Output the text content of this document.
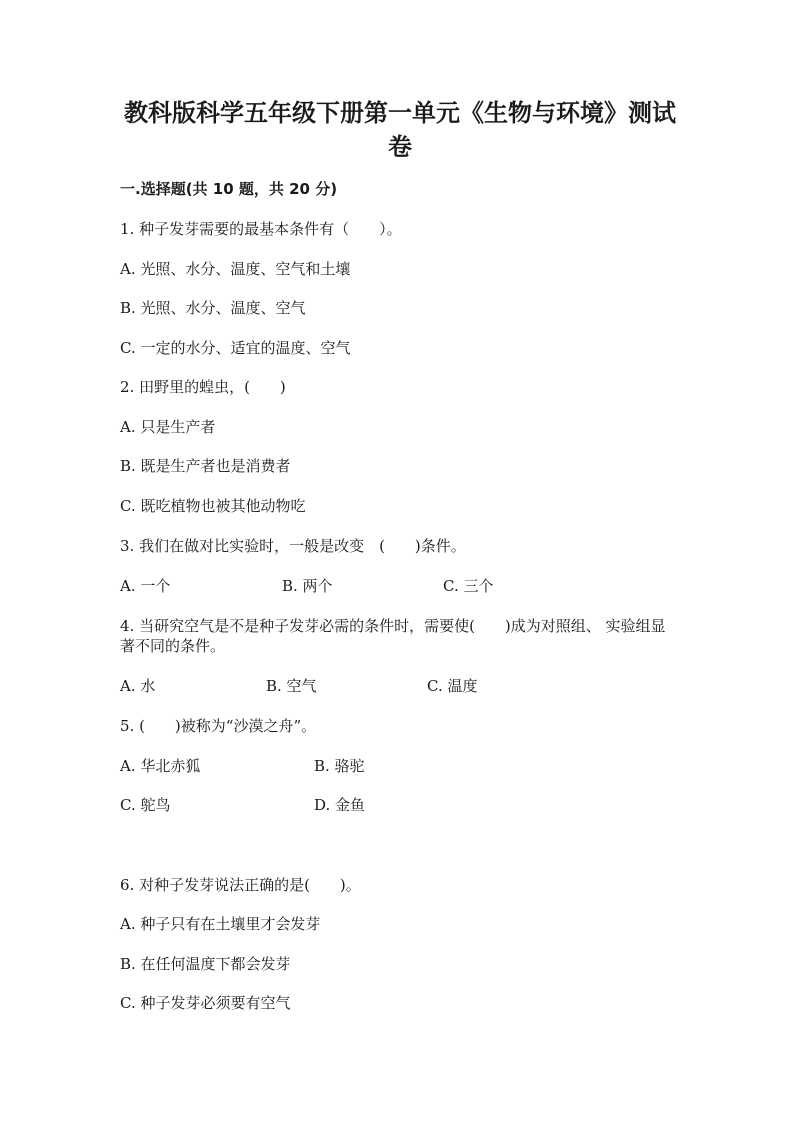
教科版科学五年级下册第一单元《生物与环境》测试卷
一.选择题(共 10 题，共 20 分)
1. 种子发芽需要的最基本条件有（　　）。
A. 光照、水分、温度、空气和土壤
B. 光照、水分、温度、空气
C. 一定的水分、适宜的温度、空气
2. 田野里的蝗虫，(　　)
A. 只是生产者
B. 既是生产者也是消费者
C. 既吃植物也被其他动物吃
3. 我们在做对比实验时，一般是改变　(　　)条件。
A. 一个	B. 两个	C. 三个
4. 当研究空气是不是种子发芽必需的条件时，需要使(　　)成为对照组、 实验组显著不同的条件。
A. 水	B. 空气	C. 温度
5. (　　)被称为“沙漠之舟”。
A. 华北赤狐	B. 骆驼
C. 鸵鸟	D. 金鱼
6. 对种子发芽说法正确的是(　　)。
A. 种子只有在土壤里才会发芽
B. 在任何温度下都会发芽
C. 种子发芽必须要有空气
